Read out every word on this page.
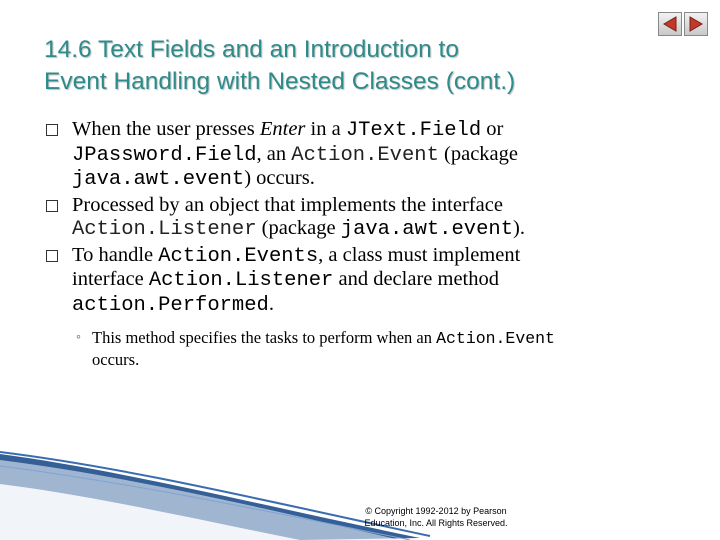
14.6 Text Fields and an Introduction to
Event Handling with Nested Classes (cont.)
When the user presses Enter in a JText.Field or
JPassword.Field, an Action.Event (package
java.awt.event) occurs.
Processed by an object that implements the interface
Action.Listener (package java.awt.event).
To handle Action.Events, a class must implement
interface Action.Listener and declare method
action.Performed.
◦ This method specifies the tasks to perform when an Action.Event
occurs.
© Copyright 1992-2012 by Pearson
Education, Inc. All Rights Reserved.
